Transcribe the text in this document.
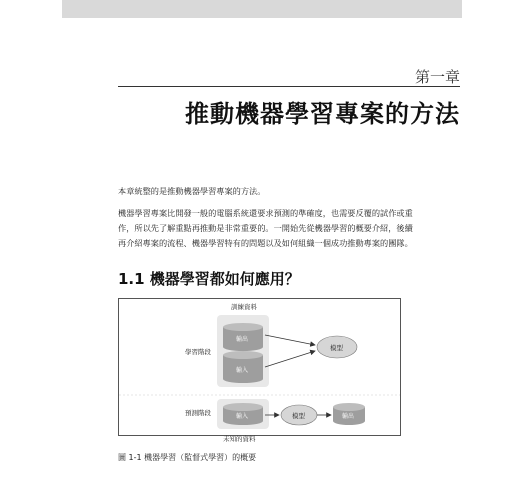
第一章
推動機器學習專案的方法
本章統整的是推動機器學習專案的方法。
機器學習專案比開發一般的電腦系統還要求預測的準確度，也需要反覆的試作或重作，所以先了解重點再推動是非常重要的。一開始先從機器學習的概要介紹，後續再介紹專案的流程、機器學習特有的問題以及如何組織一個成功推動專案的團隊。
1.1 機器學習都如何應用？
訓練資料
輸出
輸入
學習階段	模型
預測階段	輸入	模型	輸出
未知的資料
圖 1-1 機器學習（監督式學習）的概要
